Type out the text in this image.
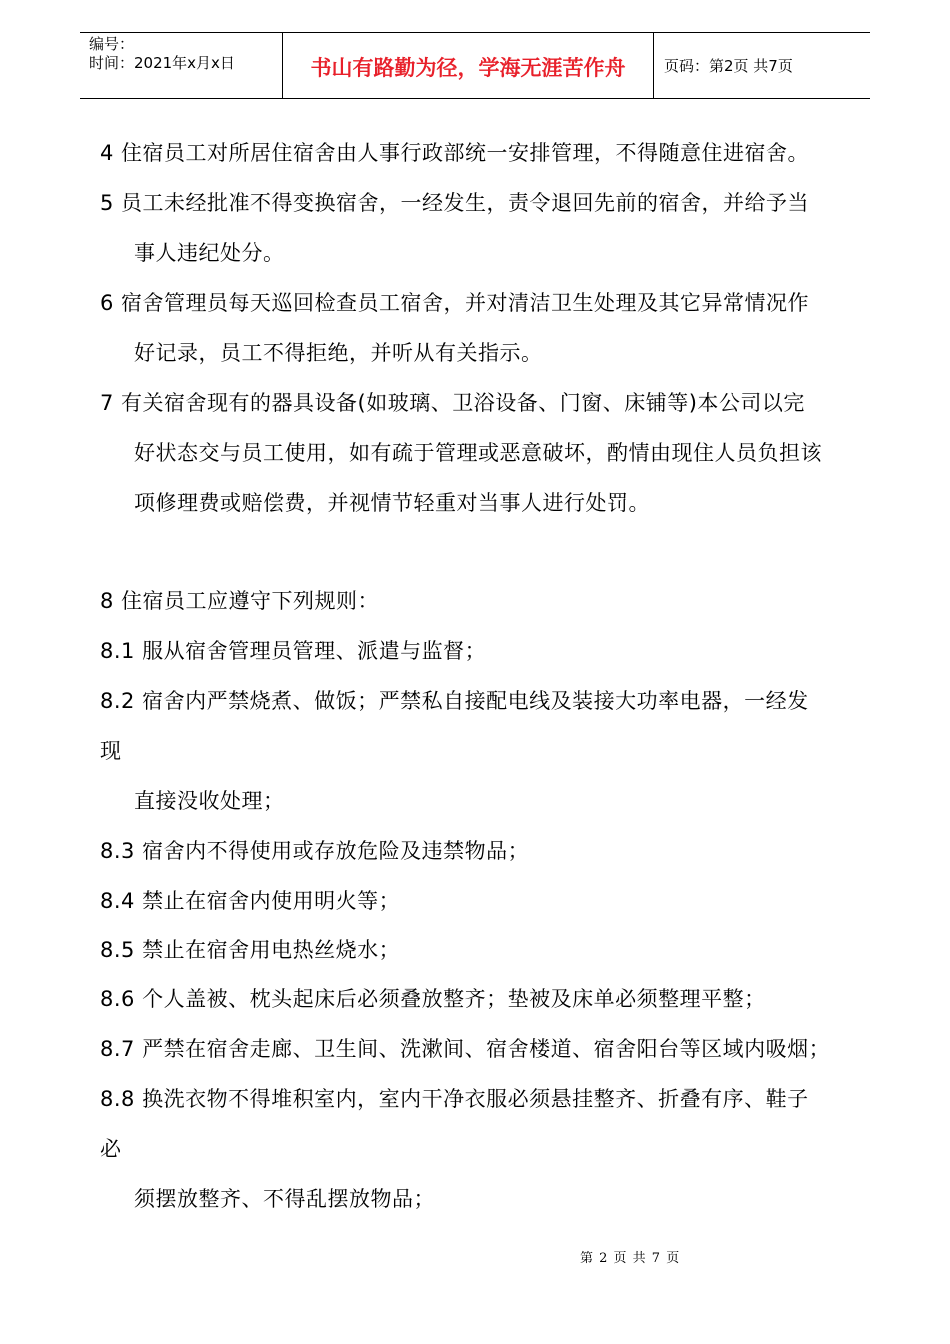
编号：
时间：2021年x月x日	书山有路勤为径，学海无涯苦作舟	页码：第2页 共7页
4 住宿员工对所居住宿舍由人事行政部统一安排管理，不得随意住进宿舍。
5 员工未经批准不得变换宿舍，一经发生，责令退回先前的宿舍，并给予当
事人违纪处分。
6 宿舍管理员每天巡回检查员工宿舍，并对清洁卫生处理及其它异常情况作
好记录，员工不得拒绝，并听从有关指示。
7 有关宿舍现有的器具设备(如玻璃、卫浴设备、门窗、床铺等)本公司以完
好状态交与员工使用，如有疏于管理或恶意破坏，酌情由现住人员负担该
项修理费或赔偿费，并视情节轻重对当事人进行处罚。
8 住宿员工应遵守下列规则：
8.1 服从宿舍管理员管理、派遣与监督；
8.2 宿舍内严禁烧煮、做饭；严禁私自接配电线及装接大功率电器，一经发
现
直接没收处理；
8.3 宿舍内不得使用或存放危险及违禁物品；
8.4 禁止在宿舍内使用明火等；
8.5 禁止在宿舍用电热丝烧水；
8.6 个人盖被、枕头起床后必须叠放整齐；垫被及床单必须整理平整；
8.7 严禁在宿舍走廊、卫生间、洗漱间、宿舍楼道、宿舍阳台等区域内吸烟；
8.8 换洗衣物不得堆积室内，室内干净衣服必须悬挂整齐、折叠有序、鞋子
必
须摆放整齐、不得乱摆放物品；
第 2 页 共 7 页
